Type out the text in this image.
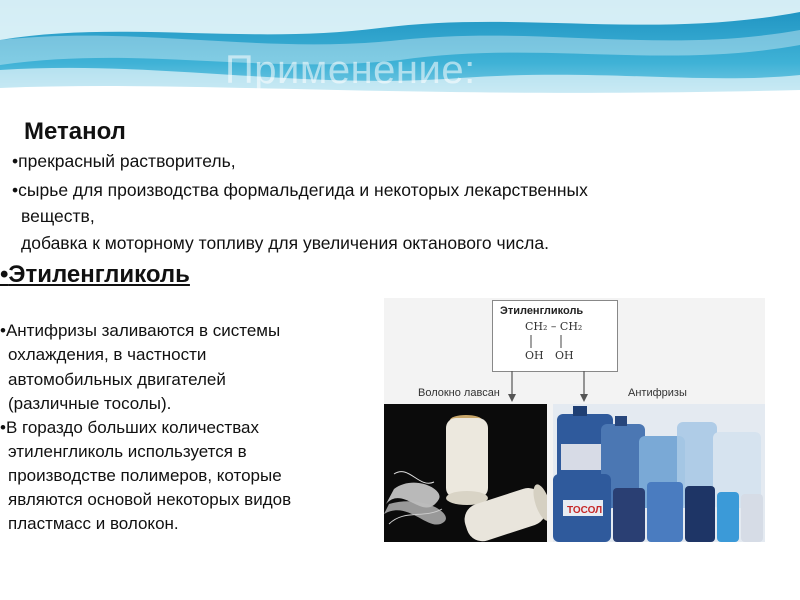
Применение:
Метанол
•прекрасный растворитель,
•сырье для производства формальдегида и некоторых лекарственных
веществ,
добавка к моторному топливу для увеличения октанового числа.
•Этиленгликоль
•Антифризы заливаются в системы
охлаждения, в частности
автомобильных двигателей
(различные тосолы).
•В гораздо больших количествах
этиленгликоль используется в
производстве полимеров, которые
являются основой некоторых видов
пластмасс и волокон.
Этиленгликоль
CH₂ – CH₂
OH OH
Волокно лавсан	Антифризы
ТОСОЛ
